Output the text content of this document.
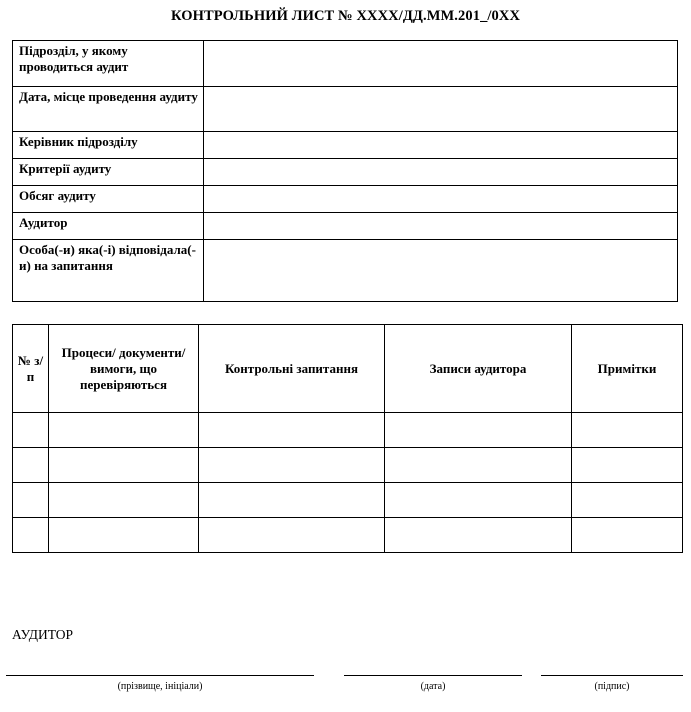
КОНТРОЛЬНИЙ ЛИСТ № ХХХХ/ДД.ММ.201_/0ХХ
Підрозділ, у якому проводиться аудит	
Дата, місце проведення аудиту	
Керівник підрозділу	
Критерії аудиту	
Обсяг аудиту	
Аудитор	
Особа(-и) яка(-і) відповідала(-и) на запитання	
№ з/п	Процеси/ документи/ вимоги, що перевіряються	Контрольні запитання	Записи аудитора	Примітки

АУДИТОР
(прізвище, ініціали)	(дата)	(підпис)
